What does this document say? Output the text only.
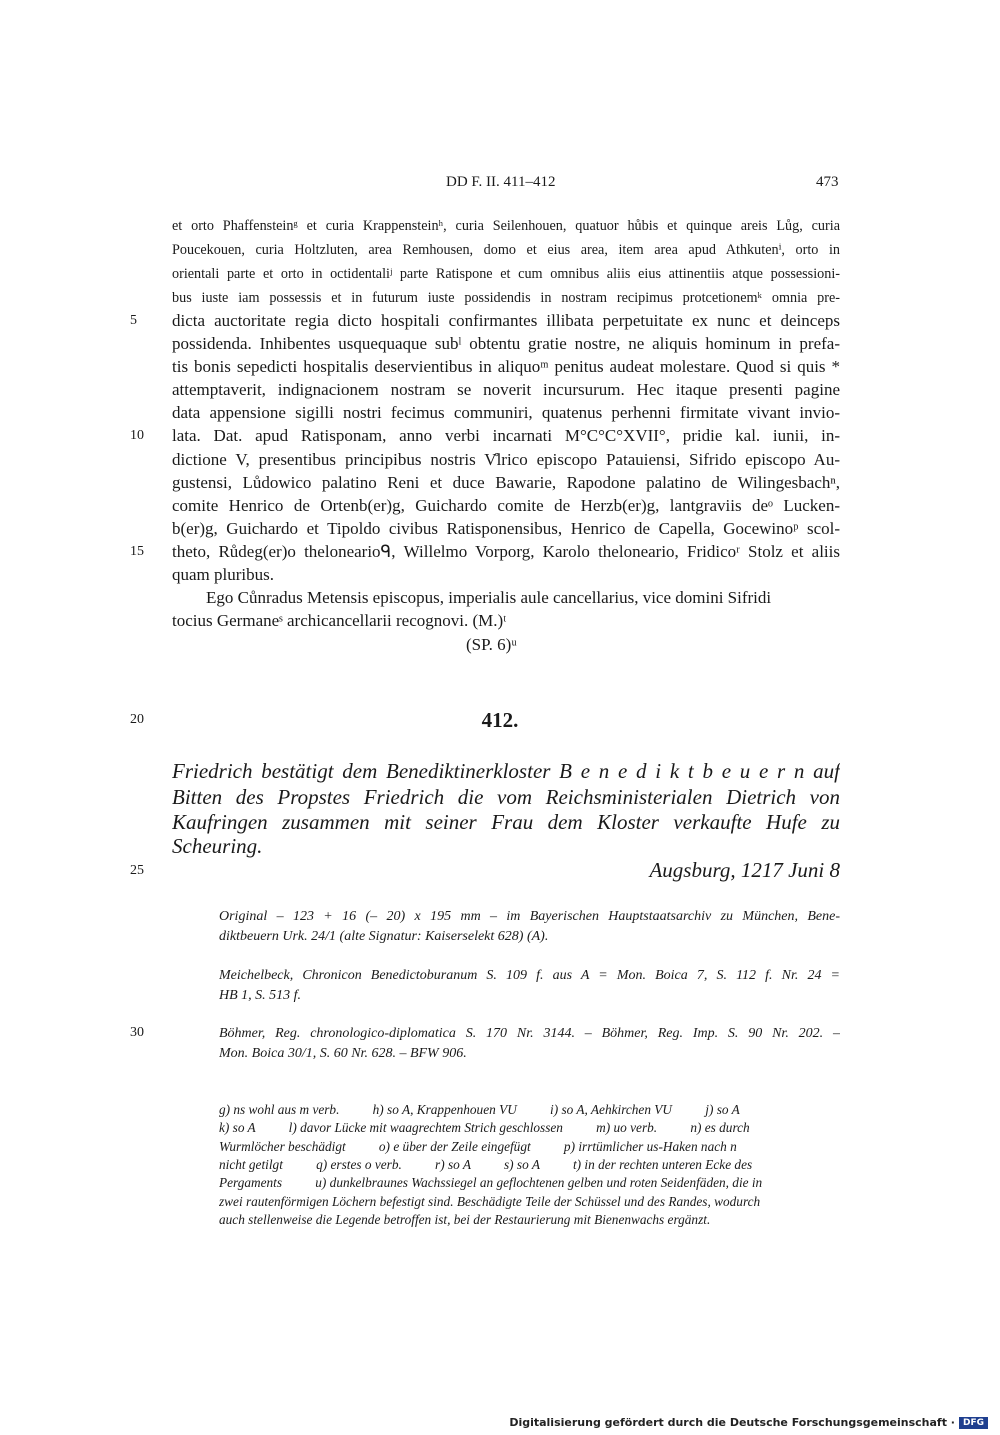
DD F. II. 411–412	473
et orto Phaffensteinᵍ et curia Krappensteinʰ, curia Seilenhouen, quatuor hůbis et quinque areis Lůg, curia
Poucekouen, curia Holtzluten, area Remhousen, domo et eius area, item area apud Athkutenⁱ, orto in
orientali parte et orto in octidentaliʲ parte Ratispone et cum omnibus aliis eius attinentiis atque possessioni-
bus iuste iam possessis et in futurum iuste possidendis in nostram recipimus protcetionemᵏ omnia pre-
dicta auctoritate regia dicto hospitali confirmantes illibata perpetuitate ex nunc et deinceps
possidenda. Inhibentes usquequaque subˡ obtentu gratie nostre, ne aliquis hominum in prefa-
tis bonis sepedicti hospitalis deservientibus in aliquoᵐ penitus audeat molestare. Quod si quis *
attemptaverit, indignacionem nostram se noverit incursurum. Hec itaque presenti pagine
data appensione sigilli nostri fecimus communiri, quatenus perhenni firmitate vivant invio-
lata. Dat. apud Ratisponam, anno verbi incarnati M°C°C°XVII°, pridie kal. iunii, in-
dictione V, presentibus principibus nostris V̊lrico episcopo Patauiensi, Sifrido episcopo Au-
gustensi, Lůdowico palatino Reni et duce Bawarie, Rapodone palatino de Wilingesbachⁿ,
comite Henrico de Ortenb(er)g, Guichardo comite de Herzb(er)g, lantgraviis deᵒ Lucken-
b(er)g, Guichardo et Tipoldo civibus Ratisponensibus, Henrico de Capella, Gocewinoᵖ scol-
theto, Růdeg(er)o thelonearioᑫ, Willelmo Vorporg, Karolo theloneario, Fridicoʳ Stolz et aliis
quam pluribus.
Ego Cůnradus Metensis episcopus, imperialis aule cancellarius, vice domini Sifridi
tocius Germaneˢ archicancellarii recognovi. (M.)ᵗ
(SP. 6)ᵘ
5
10
15
20
25
30
412.
Friedrich bestätigt dem Benediktinerkloster B e n e d i k t b e u e r n auf
Bitten des Propstes Friedrich die vom Reichsministerialen Dietrich von
Kaufringen zusammen mit seiner Frau dem Kloster verkaufte Hufe zu
Scheuring.
Augsburg, 1217 Juni 8
Original – 123 + 16 (– 20) x 195 mm – im Bayerischen Hauptstaatsarchiv zu München, Bene-
diktbeuern Urk. 24/1 (alte Signatur: Kaiserselekt 628) (A).
Meichelbeck, Chronicon Benedictoburanum S. 109 f. aus A = Mon. Boica 7, S. 112 f. Nr. 24 =
HB 1, S. 513 f.
Böhmer, Reg. chronologico-diplomatica S. 170 Nr. 3144. – Böhmer, Reg. Imp. S. 90 Nr. 202. –
Mon. Boica 30/1, S. 60 Nr. 628. – BFW 906.
g) ns wohl aus m verb.          h) so A, Krappenhouen VU          i) so A, Aehkirchen VU          j) so A
k) so A          l) davor Lücke mit waagrechtem Strich geschlossen          m) uo verb.          n) es durch
Wurmlöcher beschädigt          o) e über der Zeile eingefügt          p) irrtümlicher us-Haken nach n
nicht getilgt          q) erstes o verb.          r) so A          s) so A          t) in der rechten unteren Ecke des
Pergaments          u) dunkelbraunes Wachssiegel an geflochtenen gelben und roten Seidenfäden, die in
zwei rautenförmigen Löchern befestigt sind. Beschädigte Teile der Schüssel und des Randes, wodurch
auch stellenweise die Legende betroffen ist, bei der Restaurierung mit Bienenwachs ergänzt.
Digitalisierung gefördert durch die Deutsche Forschungsgemeinschaft · DFG
